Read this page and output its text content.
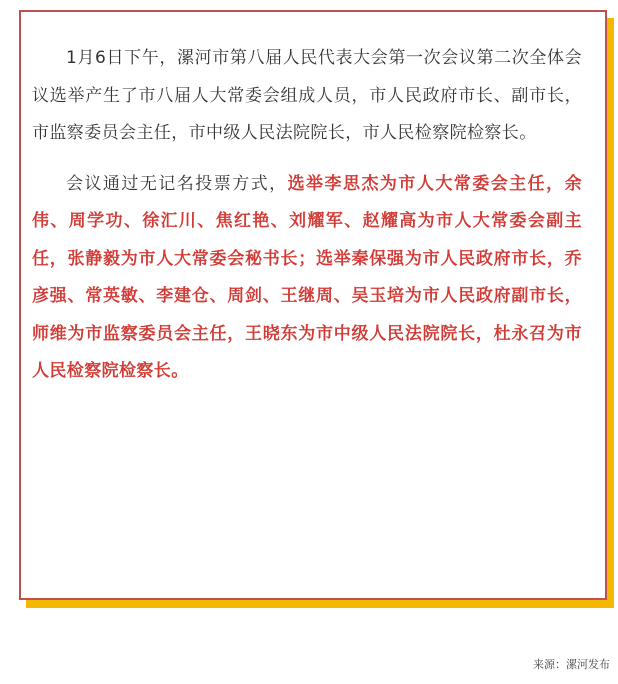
1月6日下午，漯河市第八届人民代表大会第一次会议第二次全体会议选举产生了市八届人大常委会组成人员，市人民政府市长、副市长，市监察委员会主任，市中级人民法院院长，市人民检察院检察长。

会议通过无记名投票方式，选举李思杰为市人大常委会主任，余伟、周学功、徐汇川、焦红艳、刘耀军、赵耀高为市人大常委会副主任，张静毅为市人大常委会秘书长；选举秦保强为市人民政府市长，乔彦强、常英敏、李建仓、周剑、王继周、吴玉培为市人民政府副市长，师维为市监察委员会主任，王晓东为市中级人民法院院长，杜永召为市人民检察院检察长。

来源：漯河发布
